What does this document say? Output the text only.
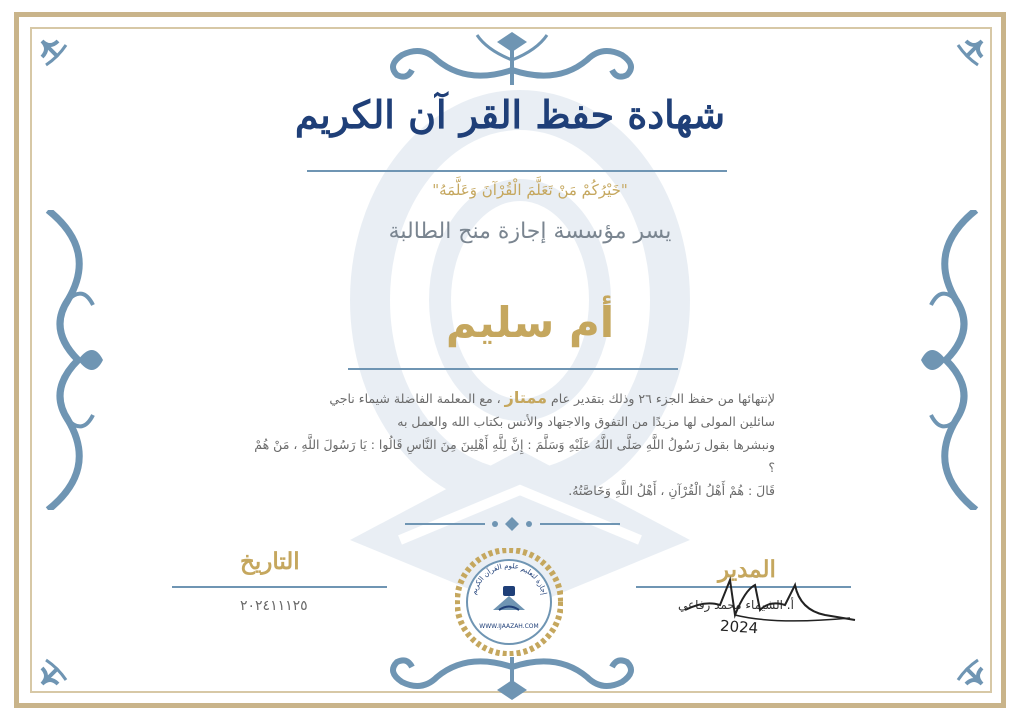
شهادة حفظ القر آن الكريم
"خَيْرُكُمْ مَنْ تَعَلَّمَ الْقُرْآنَ وَعَلَّمَهُ"
يسر مؤسسة إجازة منح الطالبة
أم سليم
لإنتهائها من حفظ الجزء ٢٦ وذلك بتقدير عام ممتاز ، مع المعلمة الفاضلة شيماء ناجي
سائلين المولى لها مزيدًا من التفوق والاجتهاد والأنس بكتاب الله والعمل به
ونبشرها بقول رَسُولُ اللَّهِ صَلَّى اللَّهُ عَلَيْهِ وَسَلَّمَ : إِنَّ لِلَّهِ أَهْلِينَ مِنَ النَّاسِ قَالُوا : يَا رَسُولَ اللَّهِ ، مَنْ هُمْ ؟
قَالَ : هُمْ أَهْلُ الْقُرْآنِ ، أَهْلُ اللَّهِ وَخَاصَّتُهُ.
التاريخ
٢٠٢٤١١١٢٥
إجازة لتعليم علوم القرآن الكريم
WWW.IJAAZAH.COM
المدير
أ. الشيماء محمد رفاعي
2024
